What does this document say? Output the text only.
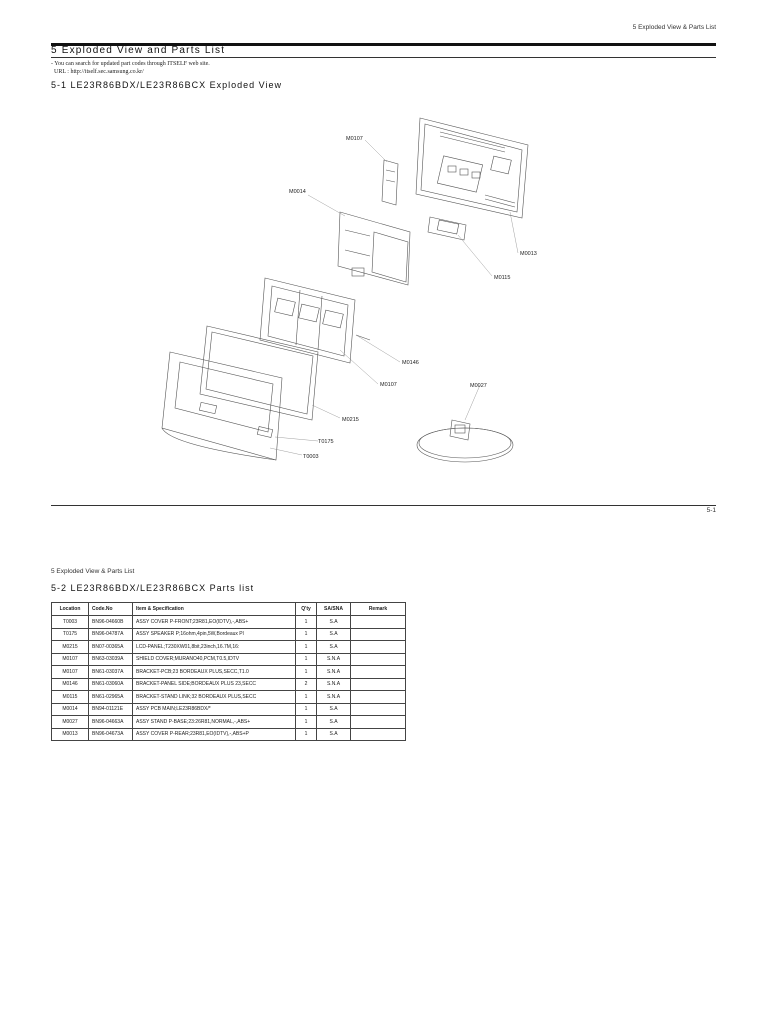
5 Exploded View & Parts List
5 Exploded View and Parts List
- You can search for updated part codes through ITSELF web site.
URL : http://itself.sec.samsung.co.kr/
5-1 LE23R86BDX/LE23R86BCX Exploded View
M0107
M0014
M0013
M0115
M0146
M0107	M0027
M0215
T0175
T0003
5-1
5 Exploded View & Parts List
5-2 LE23R86BDX/LE23R86BCX Parts list
Location	Code.No	Item & Specification	Q'ty	SA/SNA	Remark
T0003	BN96-04660B	ASSY COVER P-FRONT;23R81,EO(IDTV),-,ABS+	1	S.A	
T0175	BN96-04787A	ASSY SPEAKER P;16ohm,4pin,5W,Bordeaux Pl	1	S.A	
M0215	BN07-00365A	LCD-PANEL;T230XW01,8bit,23inch,16.7M,16:	1	S.A	
M0107	BN63-03039A	SHIELD COVER;MURANO40,PCM,T0.5,IDTV	1	S.N.A	
M0107	BN61-03037A	BRACKET-PCB;23 BORDEAUX PLUS,SECC,T1.0	1	S.N.A	
M0146	BN61-03060A	BRACKET-PANEL SIDE;BORDEAUX PLUS 23,SECC	2	S.N.A	
M0115	BN61-02965A	BRACKET-STAND LINK;32 BORDEAUX PLUS,SECC	1	S.N.A	
M0014	BN94-01121E	ASSY PCB MAIN;LE23R86BDX/*	1	S.A	
M0027	BN96-04663A	ASSY STAND P-BASE;23:26R81,NORMAL,-,ABS+	1	S.A	
M0013	BN96-04673A	ASSY COVER P-REAR;23R81,EO(IDTV),-,ABS+P	1	S.A	
